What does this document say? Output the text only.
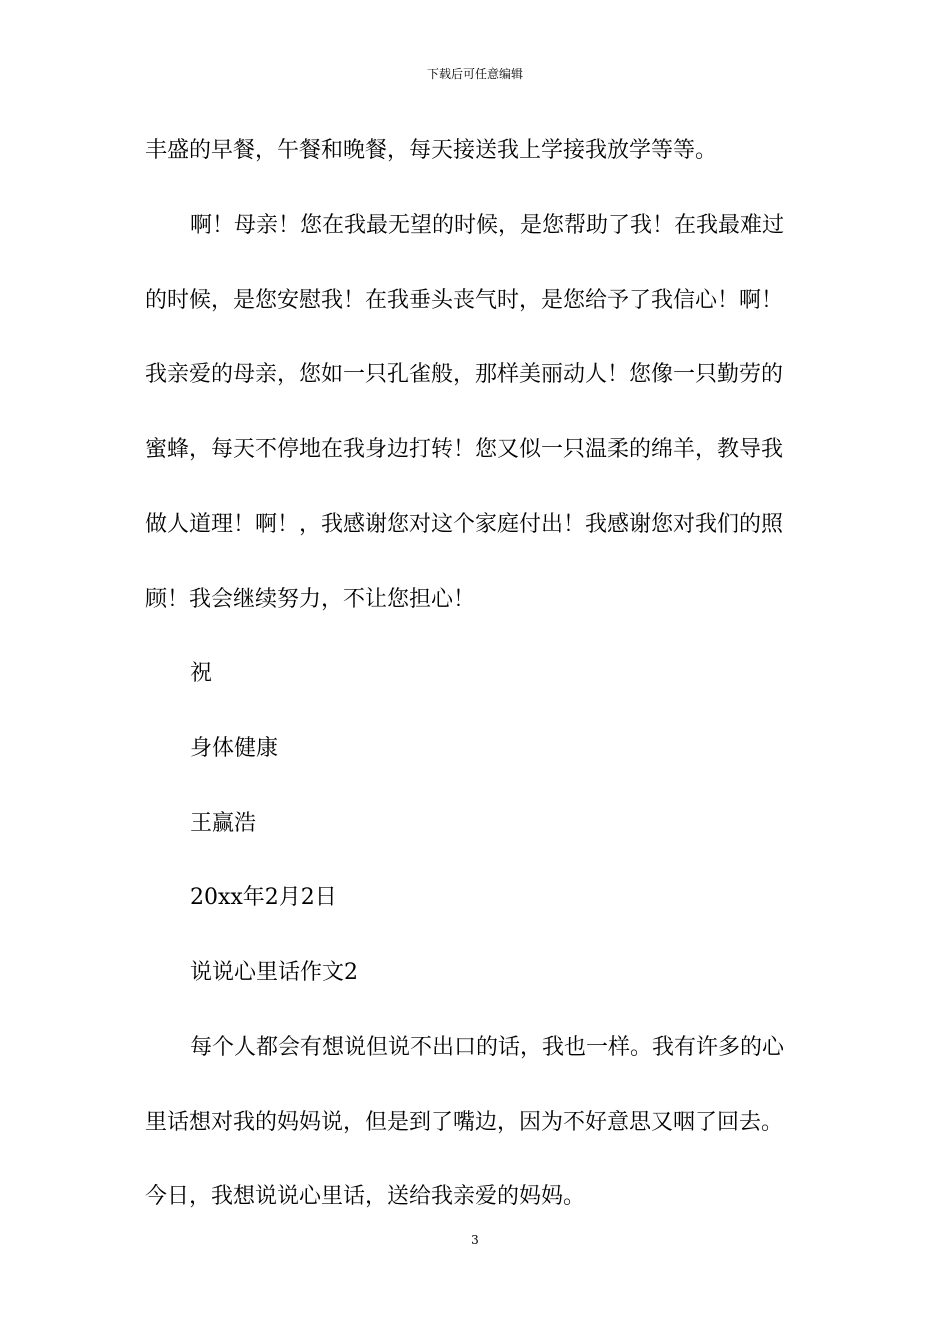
下载后可任意编辑
丰盛的早餐，午餐和晚餐，每天接送我上学接我放学等等。
啊！母亲！您在我最无望的时候，是您帮助了我！在我最难过
的时候，是您安慰我！在我垂头丧气时，是您给予了我信心！啊！
我亲爱的母亲，您如一只孔雀般，那样美丽动人！您像一只勤劳的
蜜蜂，每天不停地在我身边打转！您又似一只温柔的绵羊，教导我
做人道理！啊！，我感谢您对这个家庭付出！我感谢您对我们的照
顾！我会继续努力，不让您担心！
祝
身体健康
王赢浩
20xx年2月2日
说说心里话作文2
每个人都会有想说但说不出口的话，我也一样。我有许多的心
里话想对我的妈妈说，但是到了嘴边，因为不好意思又咽了回去。
今日，我想说说心里话，送给我亲爱的妈妈。
3
